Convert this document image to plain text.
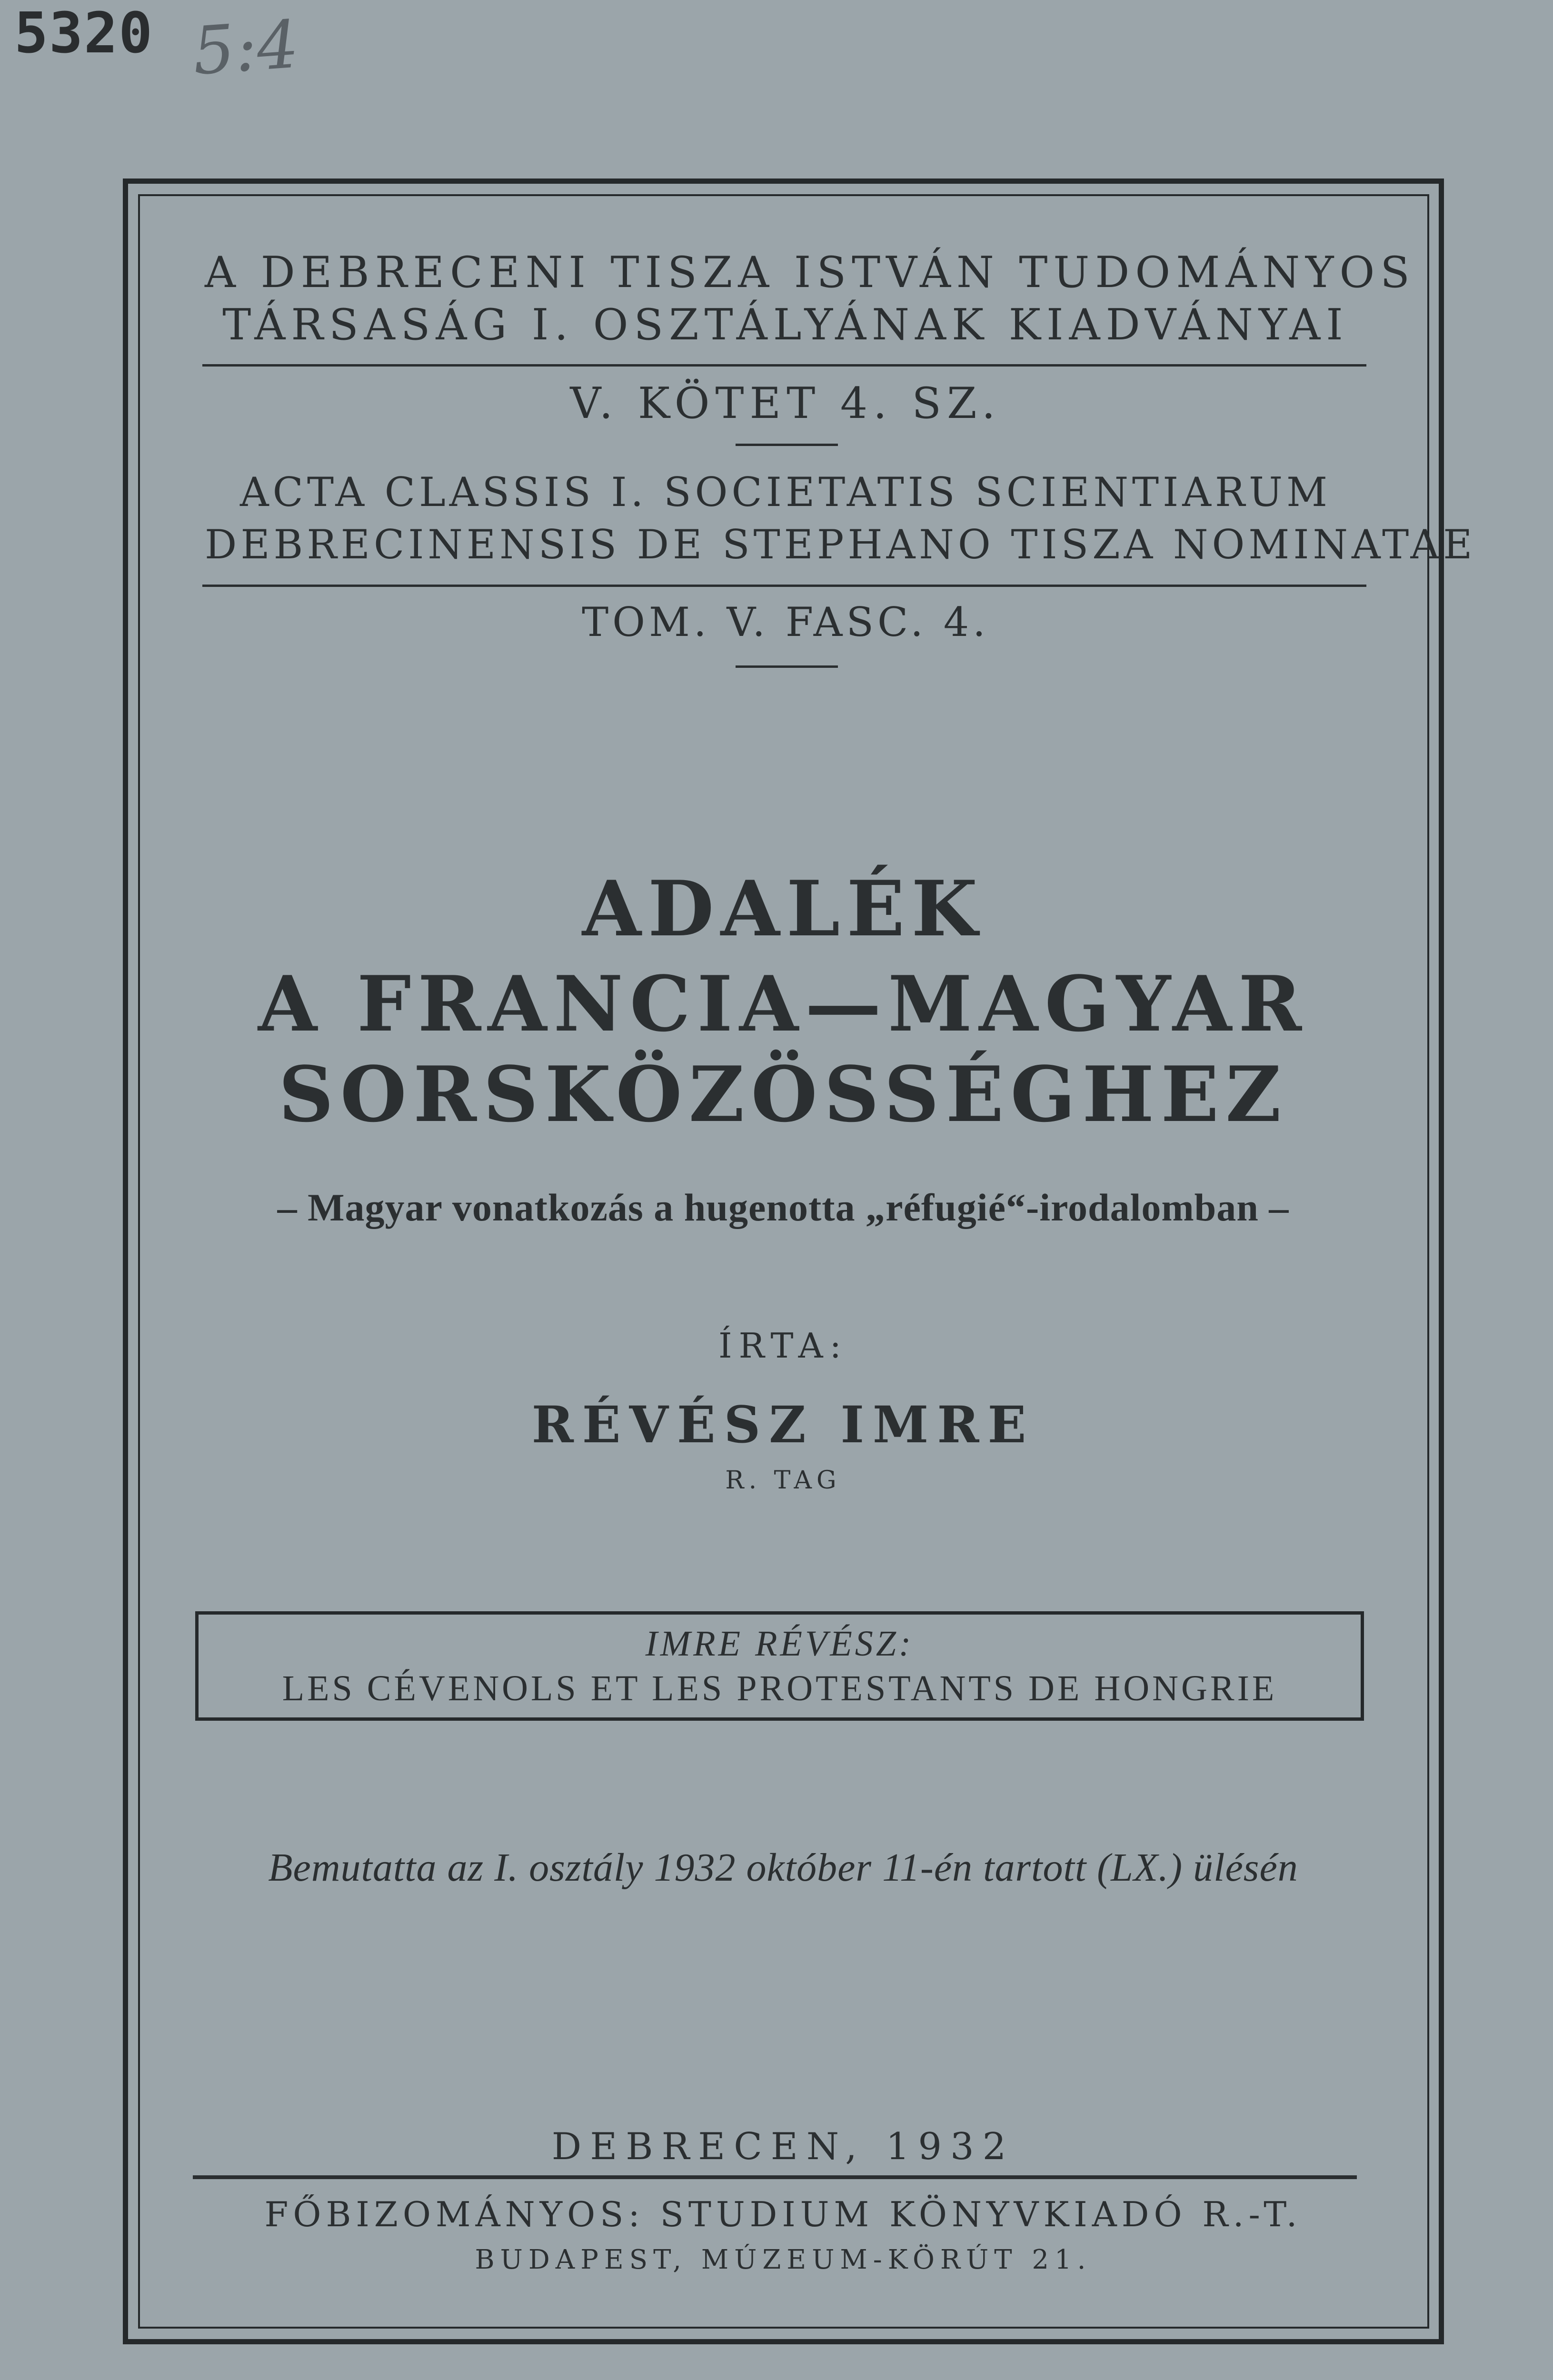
5320 5:4
A DEBRECENI TISZA ISTVÁN TUDOMÁNYOS
TÁRSASÁG I. OSZTÁLYÁNAK KIADVÁNYAI
V. KÖTET 4. SZ.
ACTA CLASSIS I. SOCIETATIS SCIENTIARUM
DEBRECINENSIS DE STEPHANO TISZA NOMINATAE
TOM. V. FASC. 4.
ADALÉK
A FRANCIA—MAGYAR
SORSKÖZÖSSÉGHEZ
– Magyar vonatkozás a hugenotta „réfugié“-irodalomban –
ÍRTA:
RÉVÉSZ IMRE
R. TAG
IMRE RÉVÉSZ:
LES CÉVENOLS ET LES PROTESTANTS DE HONGRIE
Bemutatta az I. osztály 1932 október 11-én tartott (LX.) ülésén
DEBRECEN, 1932
FŐBIZOMÁNYOS: STUDIUM KÖNYVKIADÓ R.-T.
BUDAPEST, MÚZEUM-KÖRÚT 21.
